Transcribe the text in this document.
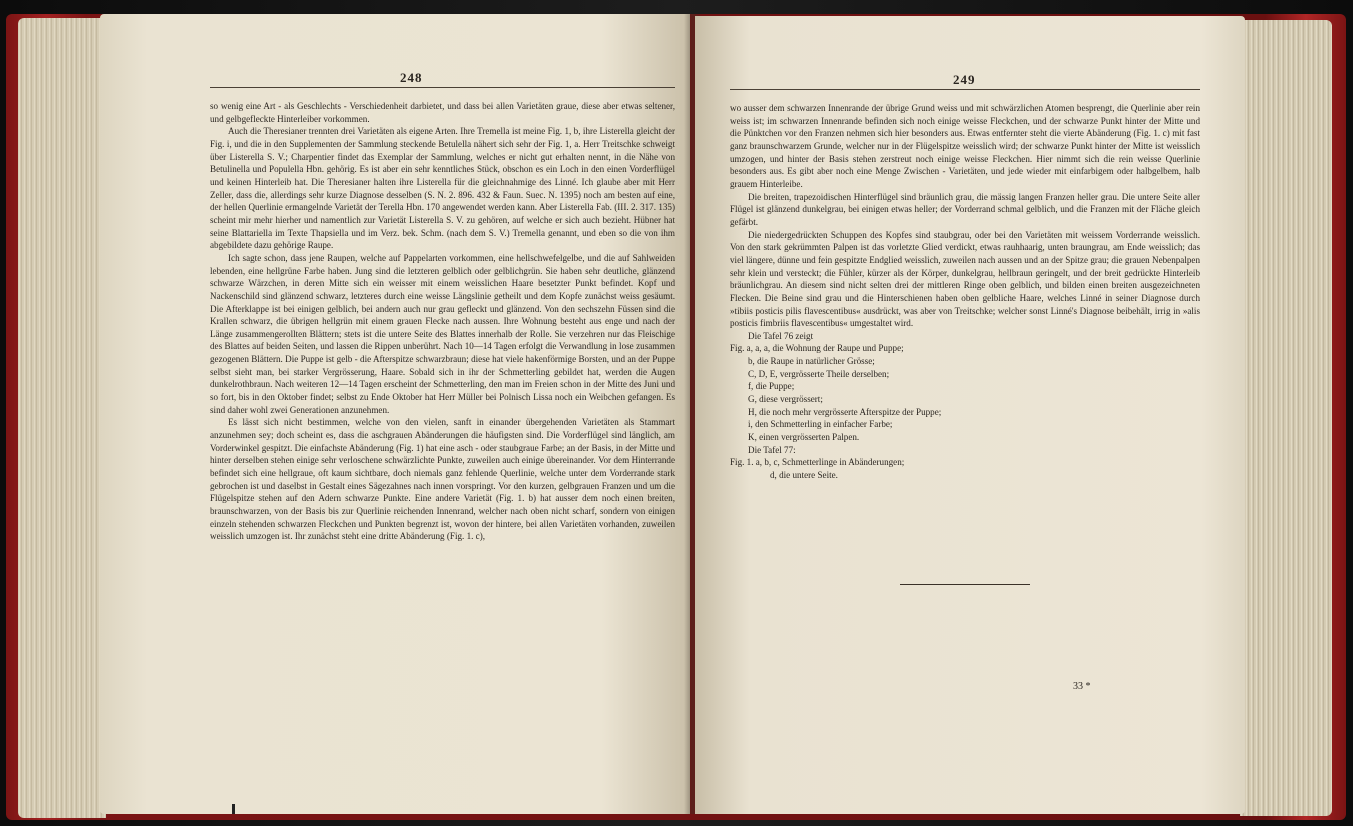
248

so wenig eine Art - als Geschlechts - Verschiedenheit darbietet, und dass bei allen Varietäten graue, diese aber etwas seltener, und gelbgefleckte Hinterleiber vorkommen.

Auch die Theresianer trennten drei Varietäten als eigene Arten. Ihre Tremella ist meine Fig. 1, b, ihre Listerella gleicht der Fig. i, und die in den Supplementen der Sammlung steckende Betulella nähert sich sehr der Fig. 1, a. Herr Treitschke schweigt über Listerella S. V.; Charpentier findet das Exemplar der Sammlung, welches er nicht gut erhalten nennt, in die Nähe von Betulinella und Populella Hbn. gehörig. Es ist aber ein sehr kenntliches Stück, obschon es ein Loch in den einen Vorderflügel und keinen Hinterleib hat. Die Theresianer halten ihre Listerella für die gleichnahmige des Linné. Ich glaube aber mit Herr Zeller, dass die, allerdings sehr kurze Diagnose desselben (S. N. 2. 896. 432 & Faun. Suec. N. 1395) noch am besten auf eine, der hellen Querlinie ermangelnde Varietät der Terella Hbn. 170 angewendet werden kann. Aber Listerella Fab. (III. 2. 317. 135) scheint mir mehr hierher und namentlich zur Varietät Listerella S. V. zu gehören, auf welche er sich auch bezieht. Hübner hat seine Blattariella im Texte Thapsiella und im Verz. bek. Schm. (nach dem S. V.) Tremella genannt, und eben so die von ihm abgebildete dazu gehörige Raupe.

Ich sagte schon, dass jene Raupen, welche auf Pappelarten vorkommen, eine hellschwefelgelbe, und die auf Sahlweiden lebenden, eine hellgrüne Farbe haben. Jung sind die letzteren gelblich oder gelblichgrün. Sie haben sehr deutliche, glänzend schwarze Wärzchen, in deren Mitte sich ein weisser mit einem weisslichen Haare besetzter Punkt befindet. Kopf und Nackenschild sind glänzend schwarz, letzteres durch eine weisse Längslinie getheilt und dem Kopfe zunächst weiss gesäumt. Die Afterklappe ist bei einigen gelblich, bei andern auch nur grau gefleckt und glänzend. Von den sechszehn Füssen sind die Krallen schwarz, die übrigen hellgrün mit einem grauen Flecke nach aussen. Ihre Wohnung besteht aus enge und nach der Länge zusammengerollten Blättern; stets ist die untere Seite des Blattes innerhalb der Rolle. Sie verzehren nur das Fleischige des Blattes auf beiden Seiten, und lassen die Rippen unberührt. Nach 10—14 Tagen erfolgt die Verwandlung in lose zusammen gezogenen Blättern. Die Puppe ist gelb - die Afterspitze schwarzbraun; diese hat viele hakenförmige Borsten, und an der Puppe selbst sieht man, bei starker Vergrösserung, Haare. Sobald sich in ihr der Schmetterling gebildet hat, werden die Augen dunkelrothbraun. Nach weiteren 12—14 Tagen erscheint der Schmetterling, den man im Freien schon in der Mitte des Juni und so fort, bis in den Oktober findet; selbst zu Ende Oktober hat Herr Müller bei Polnisch Lissa noch ein Weibchen gefangen. Es sind daher wohl zwei Generationen anzunehmen.

Es lässt sich nicht bestimmen, welche von den vielen, sanft in einander übergehenden Varietäten als Stammart anzunehmen sey; doch scheint es, dass die aschgrauen Abänderungen die häufigsten sind. Die Vorderflügel sind länglich, am Vorderwinkel gespitzt. Die einfachste Abänderung (Fig. 1) hat eine asch - oder staubgraue Farbe; an der Basis, in der Mitte und hinter derselben stehen einige sehr verloschene schwärzlichte Punkte, zuweilen auch einige übereinander. Vor dem Hinterrande befindet sich eine hellgraue, oft kaum sichtbare, doch niemals ganz fehlende Querlinie, welche unter dem Vorderrande stark gebrochen ist und daselbst in Gestalt eines Sägezahnes nach innen vorspringt. Vor den kurzen, gelbgrauen Franzen und um die Flügelspitze stehen auf den Adern schwarze Punkte. Eine andere Varietät (Fig. 1. b) hat ausser dem noch einen breiten, braunschwarzen, von der Basis bis zur Querlinie reichenden Innenrand, welcher nach oben nicht scharf, sondern von einigen einzeln stehenden schwarzen Fleckchen und Punkten begrenzt ist, wovon der hintere, bei allen Varietäten vorhanden, zuweilen weisslich umzogen ist. Ihr zunächst steht eine dritte Abänderung (Fig. 1. c),

249

wo ausser dem schwarzen Innenrande der übrige Grund weiss und mit schwärzlichen Atomen besprengt, die Querlinie aber rein weiss ist; im schwarzen Innenrande befinden sich noch einige weisse Fleckchen, und der schwarze Punkt hinter der Mitte und die Pünktchen vor den Franzen nehmen sich hier besonders aus. Etwas entfernter steht die vierte Abänderung (Fig. 1. c) mit fast ganz braunschwarzem Grunde, welcher nur in der Flügelspitze weisslich wird; der schwarze Punkt hinter der Mitte ist weisslich umzogen, und hinter der Basis stehen zerstreut noch einige weisse Fleckchen. Hier nimmt sich die rein weisse Querlinie besonders aus. Es gibt aber noch eine Menge Zwischen - Varietäten, und jede wieder mit einfarbigem oder halbgelbem, halb grauem Hinterleibe.

Die breiten, trapezoidischen Hinterflügel sind bräunlich grau, die mässig langen Franzen heller grau. Die untere Seite aller Flügel ist glänzend dunkelgrau, bei einigen etwas heller; der Vorderrand schmal gelblich, und die Franzen mit der Fläche gleich gefärbt.

Die niedergedrückten Schuppen des Kopfes sind staubgrau, oder bei den Varietäten mit weissem Vorderrande weisslich. Von den stark gekrümmten Palpen ist das vorletzte Glied verdickt, etwas rauhhaarig, unten braungrau, am Ende weisslich; das viel längere, dünne und fein gespitzte Endglied weisslich, zuweilen nach aussen und an der Spitze grau; die grauen Nebenpalpen sehr klein und versteckt; die Fühler, kürzer als der Körper, dunkelgrau, hellbraun geringelt, und der breit gedrückte Hinterleib bräunlichgrau. An diesem sind nicht selten drei der mittleren Ringe oben gelblich, und bilden einen breiten ausgezeichneten Flecken. Die Beine sind grau und die Hinterschienen haben oben gelbliche Haare, welches Linné in seiner Diagnose durch »tibiis posticis pilis flavescentibus« ausdrückt, was aber von Treitschke; welcher sonst Linné's Diagnose beibehält, irrig in »alis posticis fimbriis flavescentibus« umgestaltet wird.

Die Tafel 76 zeigt
Fig. a, a, a, die Wohnung der Raupe und Puppe;
b, die Raupe in natürlicher Grösse;
C, D, E, vergrösserte Theile derselben;
f, die Puppe;
G, diese vergrössert;
H, die noch mehr vergrösserte Afterspitze der Puppe;
i, den Schmetterling in einfacher Farbe;
K, einen vergrösserten Palpen.
Die Tafel 77:
Fig. 1. a, b, c, Schmetterlinge in Abänderungen;
d, die untere Seite.
33 *
